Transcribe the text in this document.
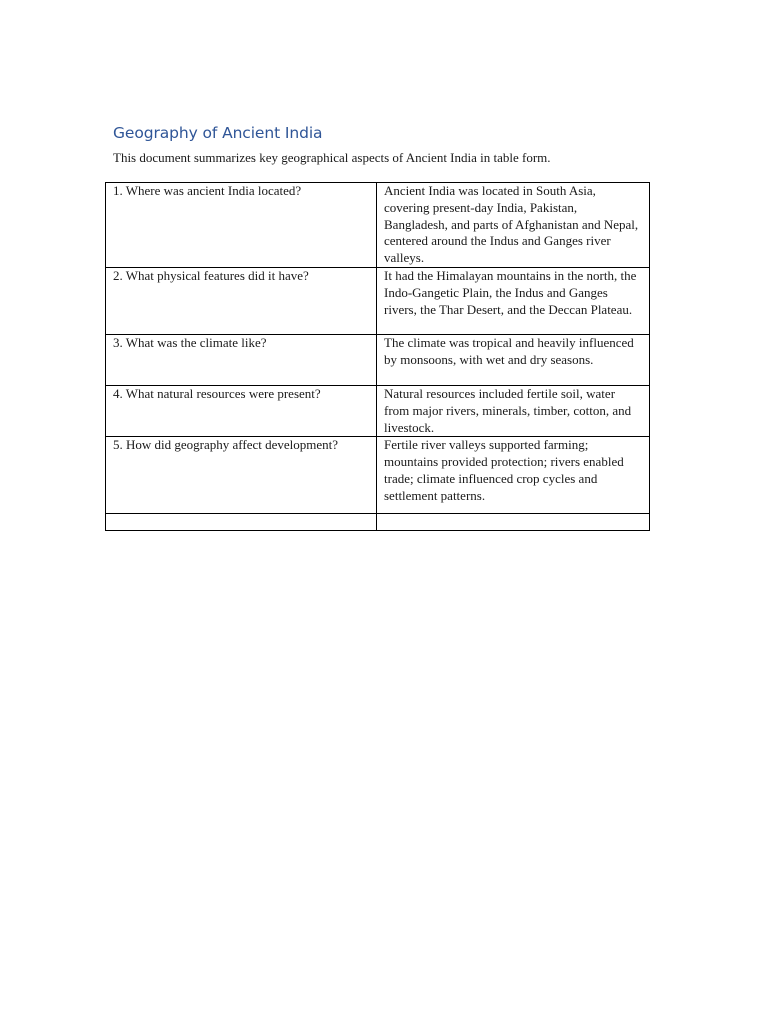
Geography of Ancient India
This document summarizes key geographical aspects of Ancient India in table form.
1. Where was ancient India located?	Ancient India was located in South Asia, covering present-day India, Pakistan, Bangladesh, and parts of Afghanistan and Nepal, centered around the Indus and Ganges river valleys.
2. What physical features did it have?	It had the Himalayan mountains in the north, the Indo-Gangetic Plain, the Indus and Ganges rivers, the Thar Desert, and the Deccan Plateau.
3. What was the climate like?	The climate was tropical and heavily influenced by monsoons, with wet and dry seasons.
4. What natural resources were present?	Natural resources included fertile soil, water from major rivers, minerals, timber, cotton, and livestock.
5. How did geography affect development?	Fertile river valleys supported farming; mountains provided protection; rivers enabled trade; climate influenced crop cycles and settlement patterns.
